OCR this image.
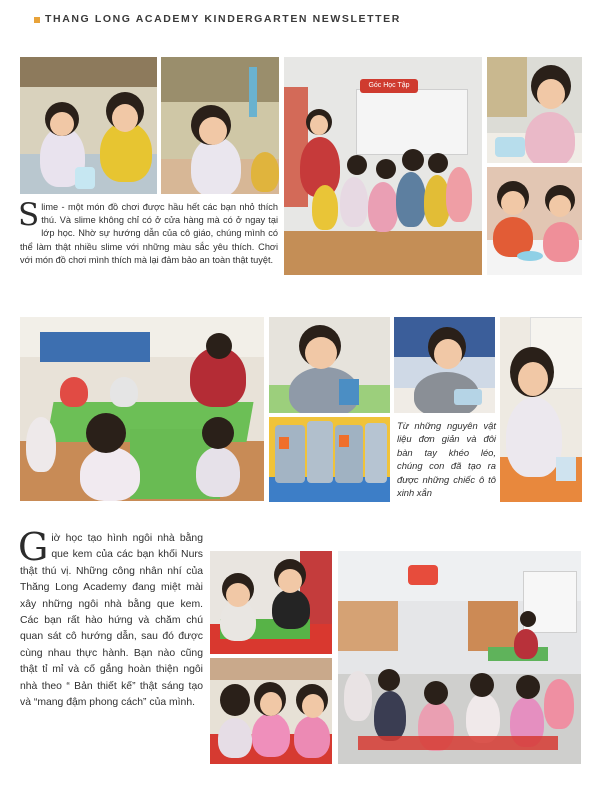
THANG LONG ACADEMY KINDERGARTEN NEWSLETTER
Góc Học Tập
Slime - một món đồ chơi được hầu hết các bạn nhỏ thích thú. Và slime không chỉ có ở cửa hàng mà có ở ngay tại lớp học. Nhờ sự hướng dẫn của cô giáo, chúng mình có thể làm thật nhiều slime với những màu sắc yêu thích. Chơi với món đồ chơi mình thích mà lại đảm bảo an toàn thật tuyệt.
Từ những nguyên vật liệu đơn giản và đôi bàn tay khéo léo, chúng con đã tạo ra được những chiếc ô tô xinh xắn
Giờ học tạo hình ngôi nhà bằng que kem của các bạn khối Nurs thật thú vị. Những công nhân nhí của Thăng Long Academy đang miệt mài xây những ngôi nhà bằng que kem. Các bạn rất hào hứng và chăm chú quan sát cô hướng dẫn, sau đó được cùng nhau thực hành. Bạn nào cũng thật tỉ mỉ và cố gắng hoàn thiện ngôi nhà theo “ Bản thiết kế” thật sáng tạo và “mang đậm phong cách” của mình.
